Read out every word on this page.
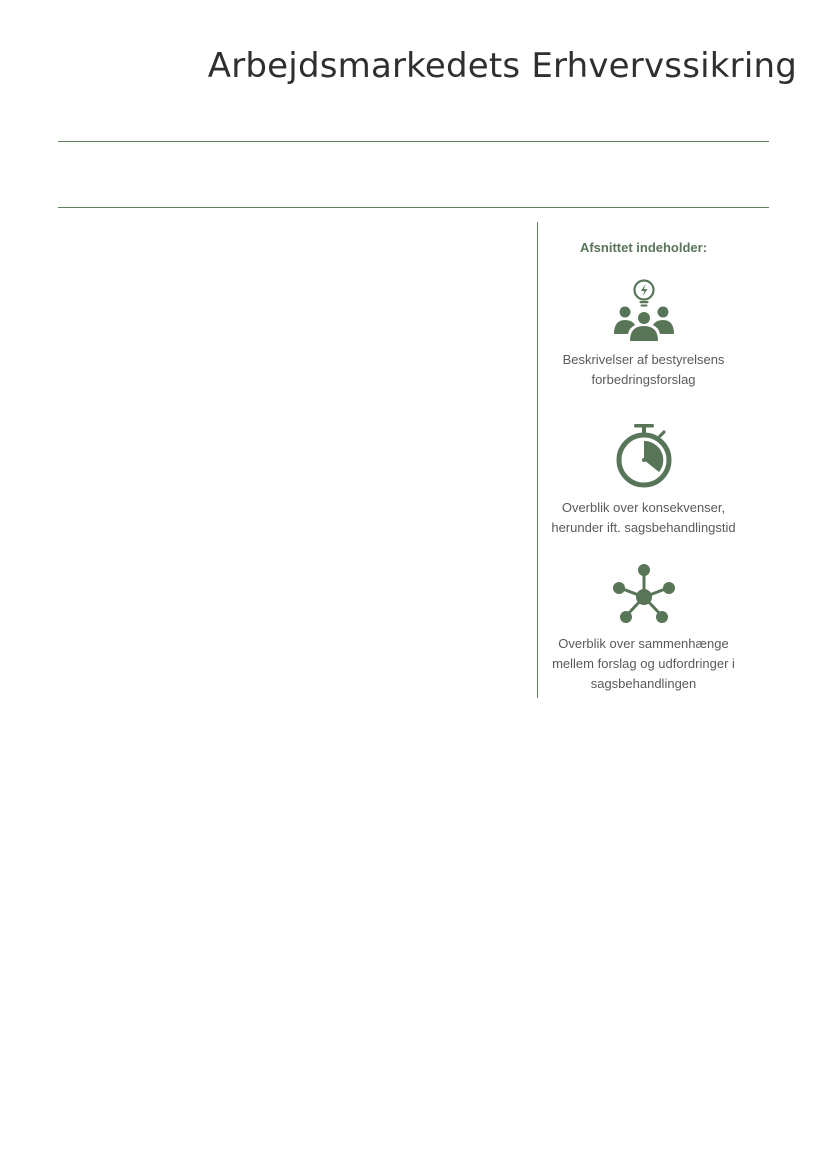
Arbejdsmarkedets Erhvervssikring

Afsnittet indeholder:

Beskrivelser af bestyrelsens forbedringsforslag

Overblik over konsekvenser, herunder ift. sagsbehandlingstid

Overblik over sammenhænge mellem forslag og udfordringer i sagsbehandlingen
